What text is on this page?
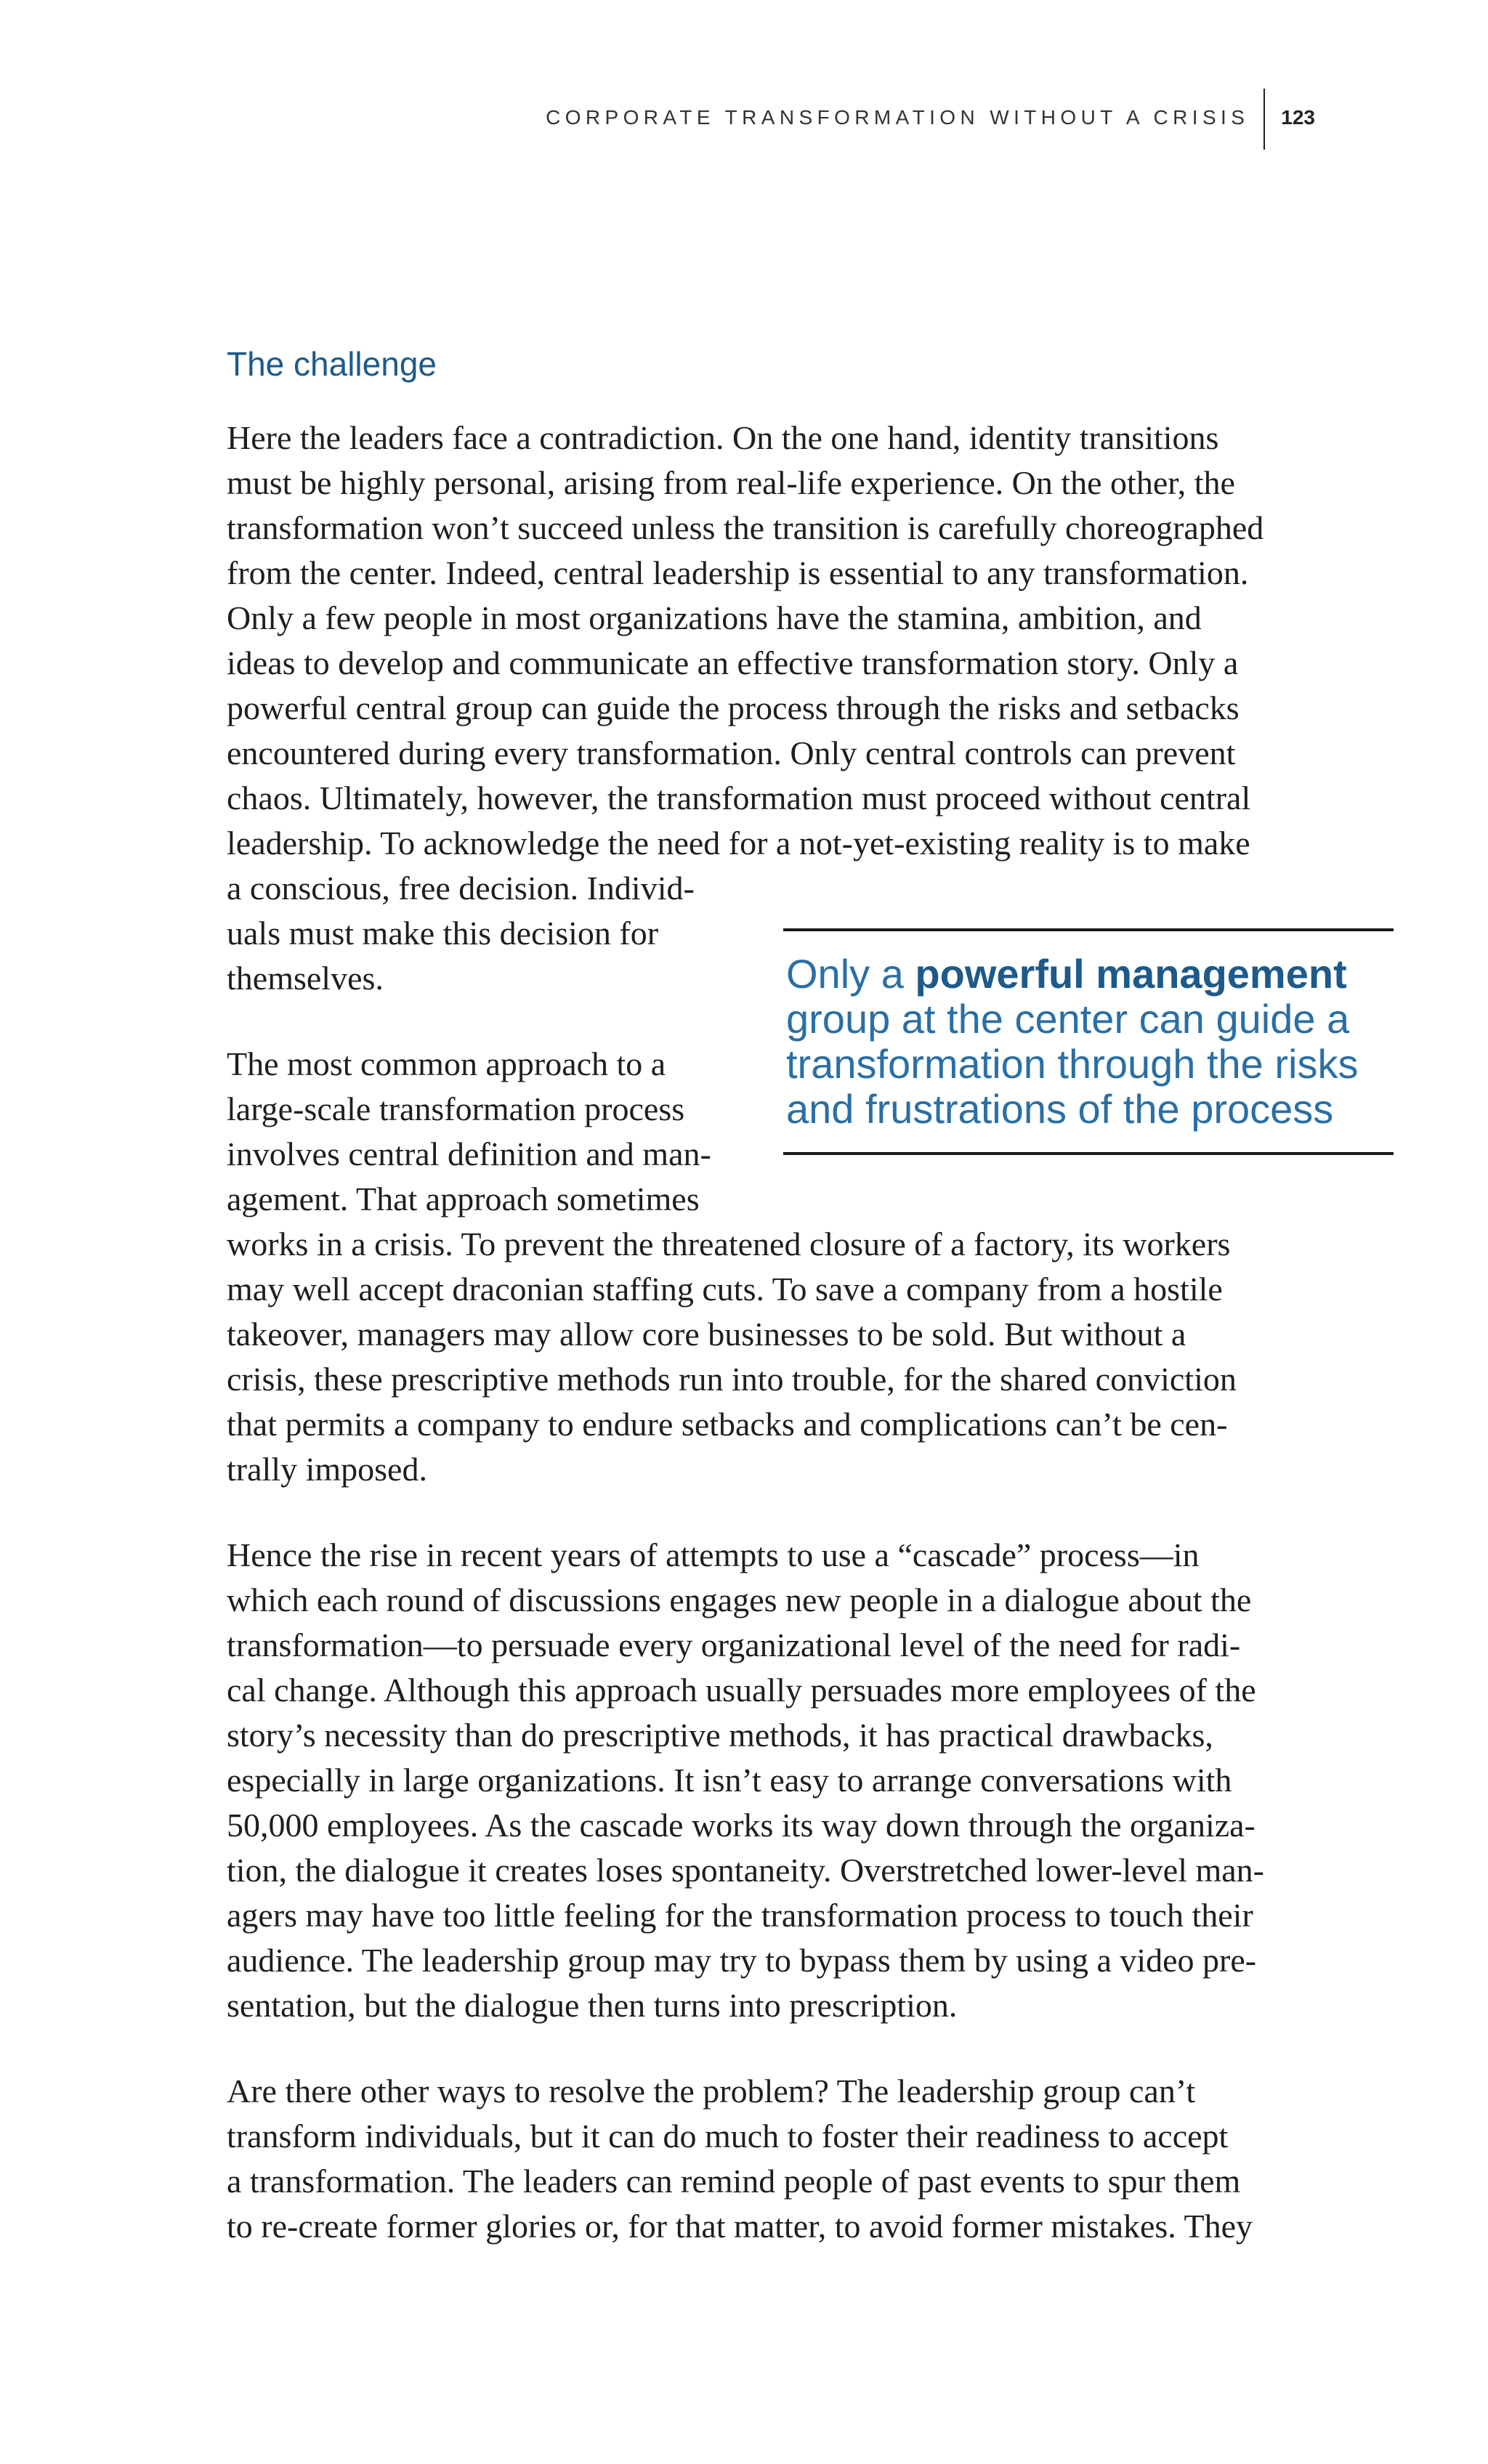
CORPORATE TRANSFORMATION WITHOUT A CRISIS	123
The challenge

Here the leaders face a contradiction. On the one hand, identity transitions
must be highly personal, arising from real-life experience. On the other, the
transformation won’t succeed unless the transition is carefully choreographed
from the center. Indeed, central leadership is essential to any transformation.
Only a few people in most organizations have the stamina, ambition, and
ideas to develop and communicate an effective transformation story. Only a
powerful central group can guide the process through the risks and setbacks
encountered during every transformation. Only central controls can prevent
chaos. Ultimately, however, the transformation must proceed without central
leadership. To acknowledge the need for a not-yet-existing reality is to make
a conscious, free decision. Individ-
uals must make this decision for
themselves.

The most common approach to a
large-scale transformation process
involves central definition and man-
agement. That approach sometimes
works in a crisis. To prevent the threatened closure of a factory, its workers
may well accept draconian staffing cuts. To save a company from a hostile
takeover, managers may allow core businesses to be sold. But without a
crisis, these prescriptive methods run into trouble, for the shared conviction
that permits a company to endure setbacks and complications can’t be cen-
trally imposed.

Hence the rise in recent years of attempts to use a “cascade” process—in
which each round of discussions engages new people in a dialogue about the
transformation—to persuade every organizational level of the need for radi-
cal change. Although this approach usually persuades more employees of the
story’s necessity than do prescriptive methods, it has practical drawbacks,
especially in large organizations. It isn’t easy to arrange conversations with
50,000 employees. As the cascade works its way down through the organiza-
tion, the dialogue it creates loses spontaneity. Overstretched lower-level man-
agers may have too little feeling for the transformation process to touch their
audience. The leadership group may try to bypass them by using a video pre-
sentation, but the dialogue then turns into prescription.

Are there other ways to resolve the problem? The leadership group can’t
transform individuals, but it can do much to foster their readiness to accept
a transformation. The leaders can remind people of past events to spur them
to re-create former glories or, for that matter, to avoid former mistakes. They

Only a powerful management
group at the center can guide a
transformation through the risks
and frustrations of the process
